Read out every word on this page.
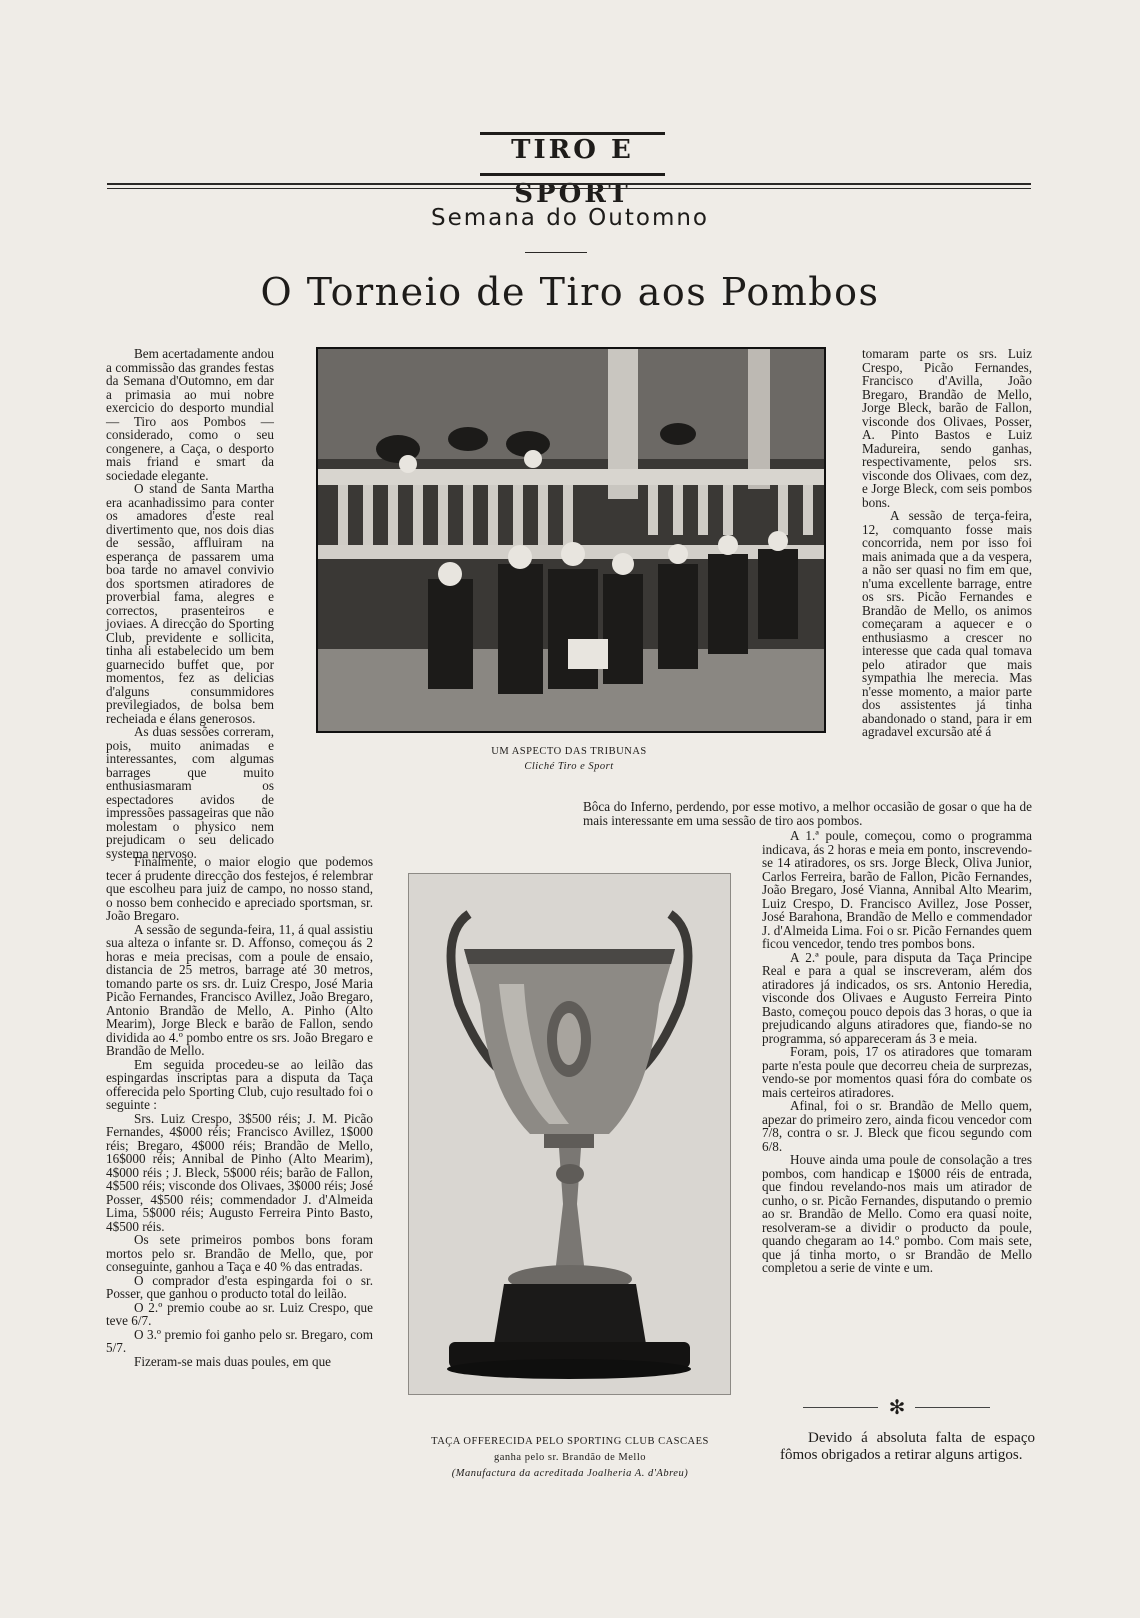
TIRO E SPORT
Semana do Outomno
O Torneio de Tiro aos Pombos

Bem acertadamente andou a commissão das grandes festas da Semana d'Outomno, em dar a primasia ao mui nobre exercicio do desporto mundial — Tiro aos Pombos — considerado, como o seu congenere, a Caça, o desporto mais friand e smart da sociedade elegante.

O stand de Santa Martha era acanhadissimo para conter os amadores d'este real divertimento que, nos dois dias de sessão, affluiram na esperança de passarem uma boa tarde no amavel convivio dos sportsmen atiradores de proverbial fama, alegres e correctos, prasenteiros e joviaes. A direcção do Sporting Club, previdente e sollicita, tinha ali estabelecido um bem guarnecido buffet que, por momentos, fez as delicias d'alguns consummidores previlegiados, de bolsa bem recheiada e élans generosos.

As duas sessões correram, pois, muito animadas e interessantes, com algumas barrages que muito enthusiasmaram os espectadores avidos de impressões passageiras que não molestam o physico nem prejudicam o seu delicado systema nervoso.

UM ASPECTO DAS TRIBUNAS
Cliché Tiro e Sport

tomaram parte os srs. Luiz Crespo, Picão Fernandes, Francisco d'Avilla, João Bregaro, Brandão de Mello, Jorge Bleck, barão de Fallon, visconde dos Olivaes, Posser, A. Pinto Bastos e Luiz Madureira, sendo ganhas, respectivamente, pelos srs. visconde dos Olivaes, com dez, e Jorge Bleck, com seis pombos bons.

A sessão de terça-feira, 12, comquanto fosse mais concorrida, nem por isso foi mais animada que a da vespera, a não ser quasi no fim em que, n'uma excellente barrage, entre os srs. Picão Fernandes e Brandão de Mello, os animos começaram a aquecer e o enthusiasmo a crescer no interesse que cada qual tomava pelo atirador que mais sympathia lhe merecia. Mas n'esse momento, a maior parte dos assistentes já tinha abandonado o stand, para ir em agradavel excursão até á

Bôca do Inferno, perdendo, por esse motivo, a melhor occasião de gosar o que ha de mais interessante em uma sessão de tiro aos pombos.

Finalmente, o maior elogio que podemos tecer á prudente direcção dos festejos, é relembrar que escolheu para juiz de campo, no nosso stand, o nosso bem conhecido e apreciado sportsman, sr. João Bregaro.

A sessão de segunda-feira, 11, á qual assistiu sua alteza o infante sr. D. Affonso, começou ás 2 horas e meia precisas, com a poule de ensaio, distancia de 25 metros, barrage até 30 metros, tomando parte os srs. dr. Luiz Crespo, José Maria Picão Fernandes, Francisco Avillez, João Bregaro, Antonio Brandão de Mello, A. Pinho (Alto Mearim), Jorge Bleck e barão de Fallon, sendo dividida ao 4.º pombo entre os srs. João Bregaro e Brandão de Mello.

Em seguida procedeu-se ao leilão das espingardas inscriptas para a disputa da Taça offerecida pelo Sporting Club, cujo resultado foi o seguinte :

Srs. Luiz Crespo, 3$500 réis; J. M. Picão Fernandes, 4$000 réis; Francisco Avillez, 1$000 réis; Bregaro, 4$000 réis; Brandão de Mello, 16$000 réis; Annibal de Pinho (Alto Mearim), 4$000 réis ; J. Bleck, 5$000 réis; barão de Fallon, 4$500 réis; visconde dos Olivaes, 3$000 réis; José Posser, 4$500 réis; commendador J. d'Almeida Lima, 5$000 réis; Augusto Ferreira Pinto Basto, 4$500 réis.

Os sete primeiros pombos bons foram mortos pelo sr. Brandão de Mello, que, por conseguinte, ganhou a Taça e 40 % das entradas.

O comprador d'esta espingarda foi o sr. Posser, que ganhou o producto total do leilão.

O 2.º premio coube ao sr. Luiz Crespo, que teve 6/7.

O 3.º premio foi ganho pelo sr. Bregaro, com 5/7.

Fizeram-se mais duas poules, em que

TAÇA OFFERECIDA PELO SPORTING CLUB CASCAES
ganha pelo sr. Brandão de Mello
(Manufactura da acreditada Joalheria A. d'Abreu)

A 1.ª poule, começou, como o programma indicava, ás 2 horas e meia em ponto, inscrevendo-se 14 atiradores, os srs. Jorge Bleck, Oliva Junior, Carlos Ferreira, barão de Fallon, Picão Fernandes, João Bregaro, José Vianna, Annibal Alto Mearim, Luiz Crespo, D. Francisco Avillez, Jose Posser, José Barahona, Brandão de Mello e commendador J. d'Almeida Lima. Foi o sr. Picão Fernandes quem ficou vencedor, tendo tres pombos bons.

A 2.ª poule, para disputa da Taça Principe Real e para a qual se inscreveram, além dos atiradores já indicados, os srs. Antonio Heredia, visconde dos Olivaes e Augusto Ferreira Pinto Basto, começou pouco depois das 3 horas, o que ia prejudicando alguns atiradores que, fiando-se no programma, só appareceram ás 3 e meia.

Foram, pois, 17 os atiradores que tomaram parte n'esta poule que decorreu cheia de surprezas, vendo-se por momentos quasi fóra do combate os mais certeiros atiradores.

Afinal, foi o sr. Brandão de Mello quem, apezar do primeiro zero, ainda ficou vencedor com 7/8, contra o sr. J. Bleck que ficou segundo com 6/8.

Houve ainda uma poule de consolação a tres pombos, com handicap e 1$000 réis de entrada, que findou revelando-nos mais um atirador de cunho, o sr. Picão Fernandes, disputando o premio ao sr. Brandão de Mello. Como era quasi noite, resolveram-se a dividir o producto da poule, quando chegaram ao 14.º pombo. Com mais sete, que já tinha morto, o sr Brandão de Mello completou a serie de vinte e um.

✻

Devido á absoluta falta de espaço fômos obrigados a retirar alguns artigos.
